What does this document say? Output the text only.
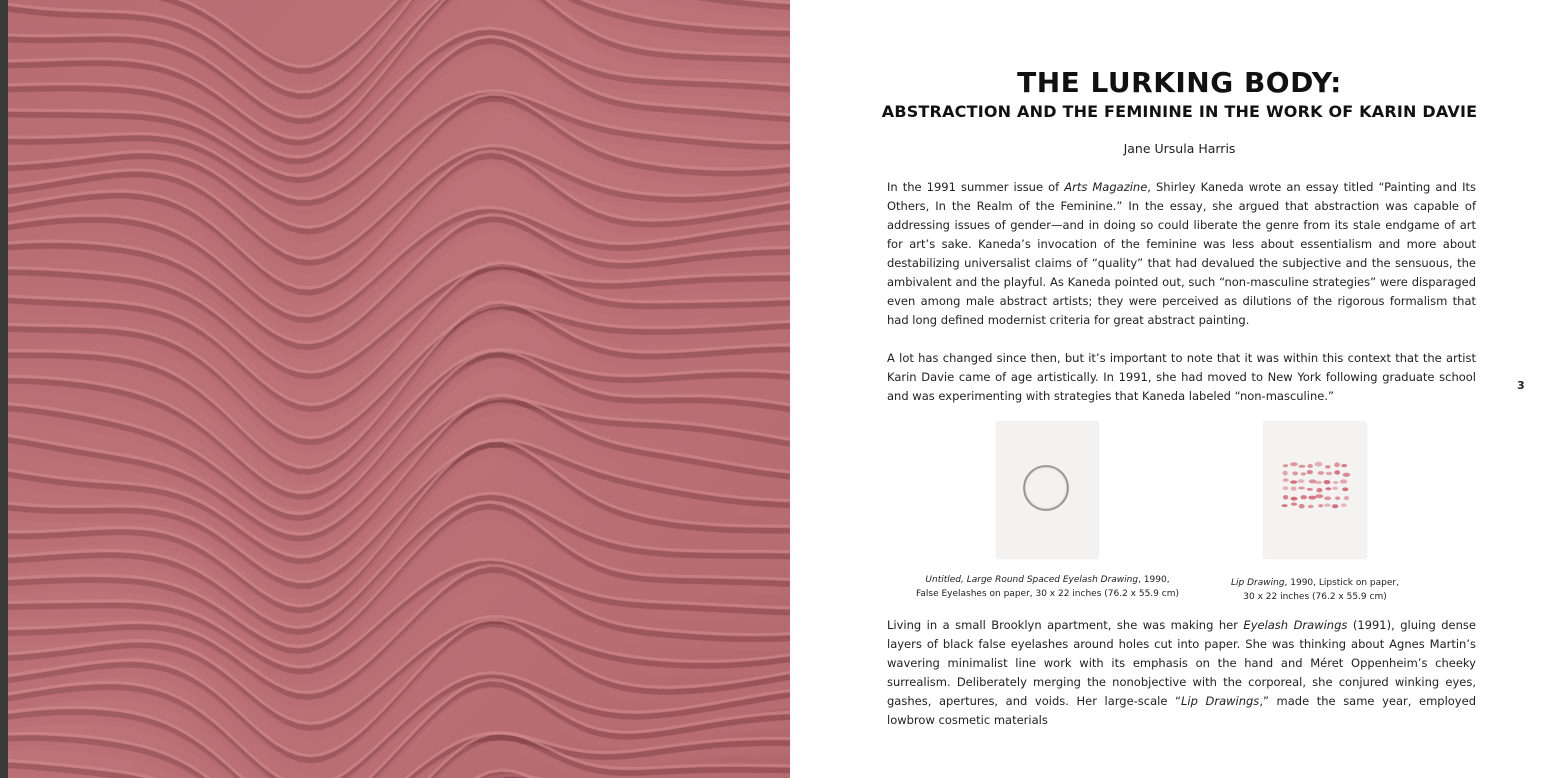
THE LURKING BODY:
ABSTRACTION AND THE FEMININE IN THE WORK OF KARIN DAVIE

Jane Ursula Harris

In the 1991 summer issue of Arts Magazine, Shirley Kaneda wrote an essay titled “Painting and Its Others, In the Realm of the Feminine.” In the essay, she argued that abstraction was capable of addressing issues of gender—and in doing so could liberate the genre from its stale endgame of art for art’s sake. Kaneda’s invocation of the feminine was less about essentialism and more about destabilizing universalist claims of “quality” that had devalued the subjective and the sensuous, the ambivalent and the playful. As Kaneda pointed out, such “non-masculine strategies” were disparaged even among male abstract artists; they were perceived as dilutions of the rigorous formalism that had long defined modernist criteria for great abstract painting.

A lot has changed since then, but it’s important to note that it was within this context that the artist Karin Davie came of age artistically. In 1991, she had moved to New York following graduate school and was experimenting with strategies that Kaneda labeled “non-masculine.”

Untitled, Large Round Spaced Eyelash Drawing, 1990,
False Eyelashes on paper, 30 x 22 inches (76.2 x 55.9 cm)

Lip Drawing, 1990, Lipstick on paper,
30 x 22 inches (76.2 x 55.9 cm)

Living in a small Brooklyn apartment, she was making her Eyelash Drawings (1991), gluing dense layers of black false eyelashes around holes cut into paper. She was thinking about Agnes Martin’s wavering minimalist line work with its emphasis on the hand and Méret Oppenheim’s cheeky surrealism. Deliberately merging the nonobjective with the corporeal, she conjured winking eyes, gashes, apertures, and voids. Her large-scale “Lip Drawings,” made the same year, employed lowbrow cosmetic materials

3
